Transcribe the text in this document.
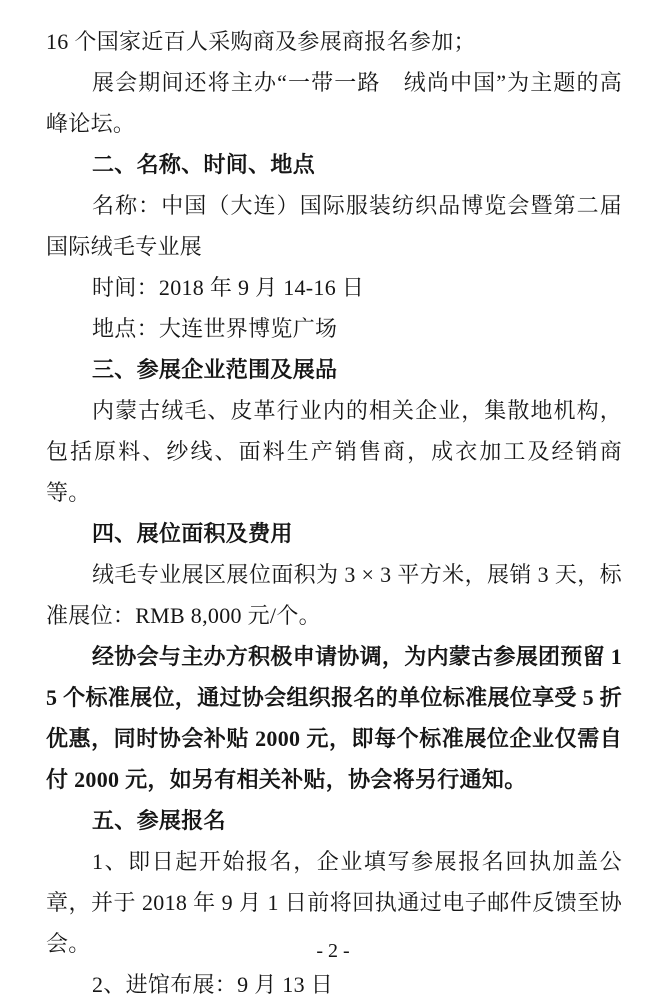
16 个国家近百人采购商及参展商报名参加；

展会期间还将主办“一带一路　绒尚中国”为主题的高峰论坛。

二、名称、时间、地点

名称：中国（大连）国际服装纺织品博览会暨第二届国际绒毛专业展

时间：2018 年 9 月 14-16 日

地点：大连世界博览广场

三、参展企业范围及展品

内蒙古绒毛、皮革行业内的相关企业，集散地机构，包括原料、纱线、面料生产销售商，成衣加工及经销商等。

四、展位面积及费用

绒毛专业展区展位面积为 3 × 3 平方米，展销 3 天，标准展位：RMB 8,000 元/个。

经协会与主办方积极申请协调，为内蒙古参展团预留 15 个标准展位，通过协会组织报名的单位标准展位享受 5 折优惠，同时协会补贴 2000 元，即每个标准展位企业仅需自付 2000 元，如另有相关补贴，协会将另行通知。

五、参展报名

1、即日起开始报名，企业填写参展报名回执加盖公章，并于 2018 年 9 月 1 日前将回执通过电子邮件反馈至协会。

2、进馆布展：9 月 13 日

- 2 -
